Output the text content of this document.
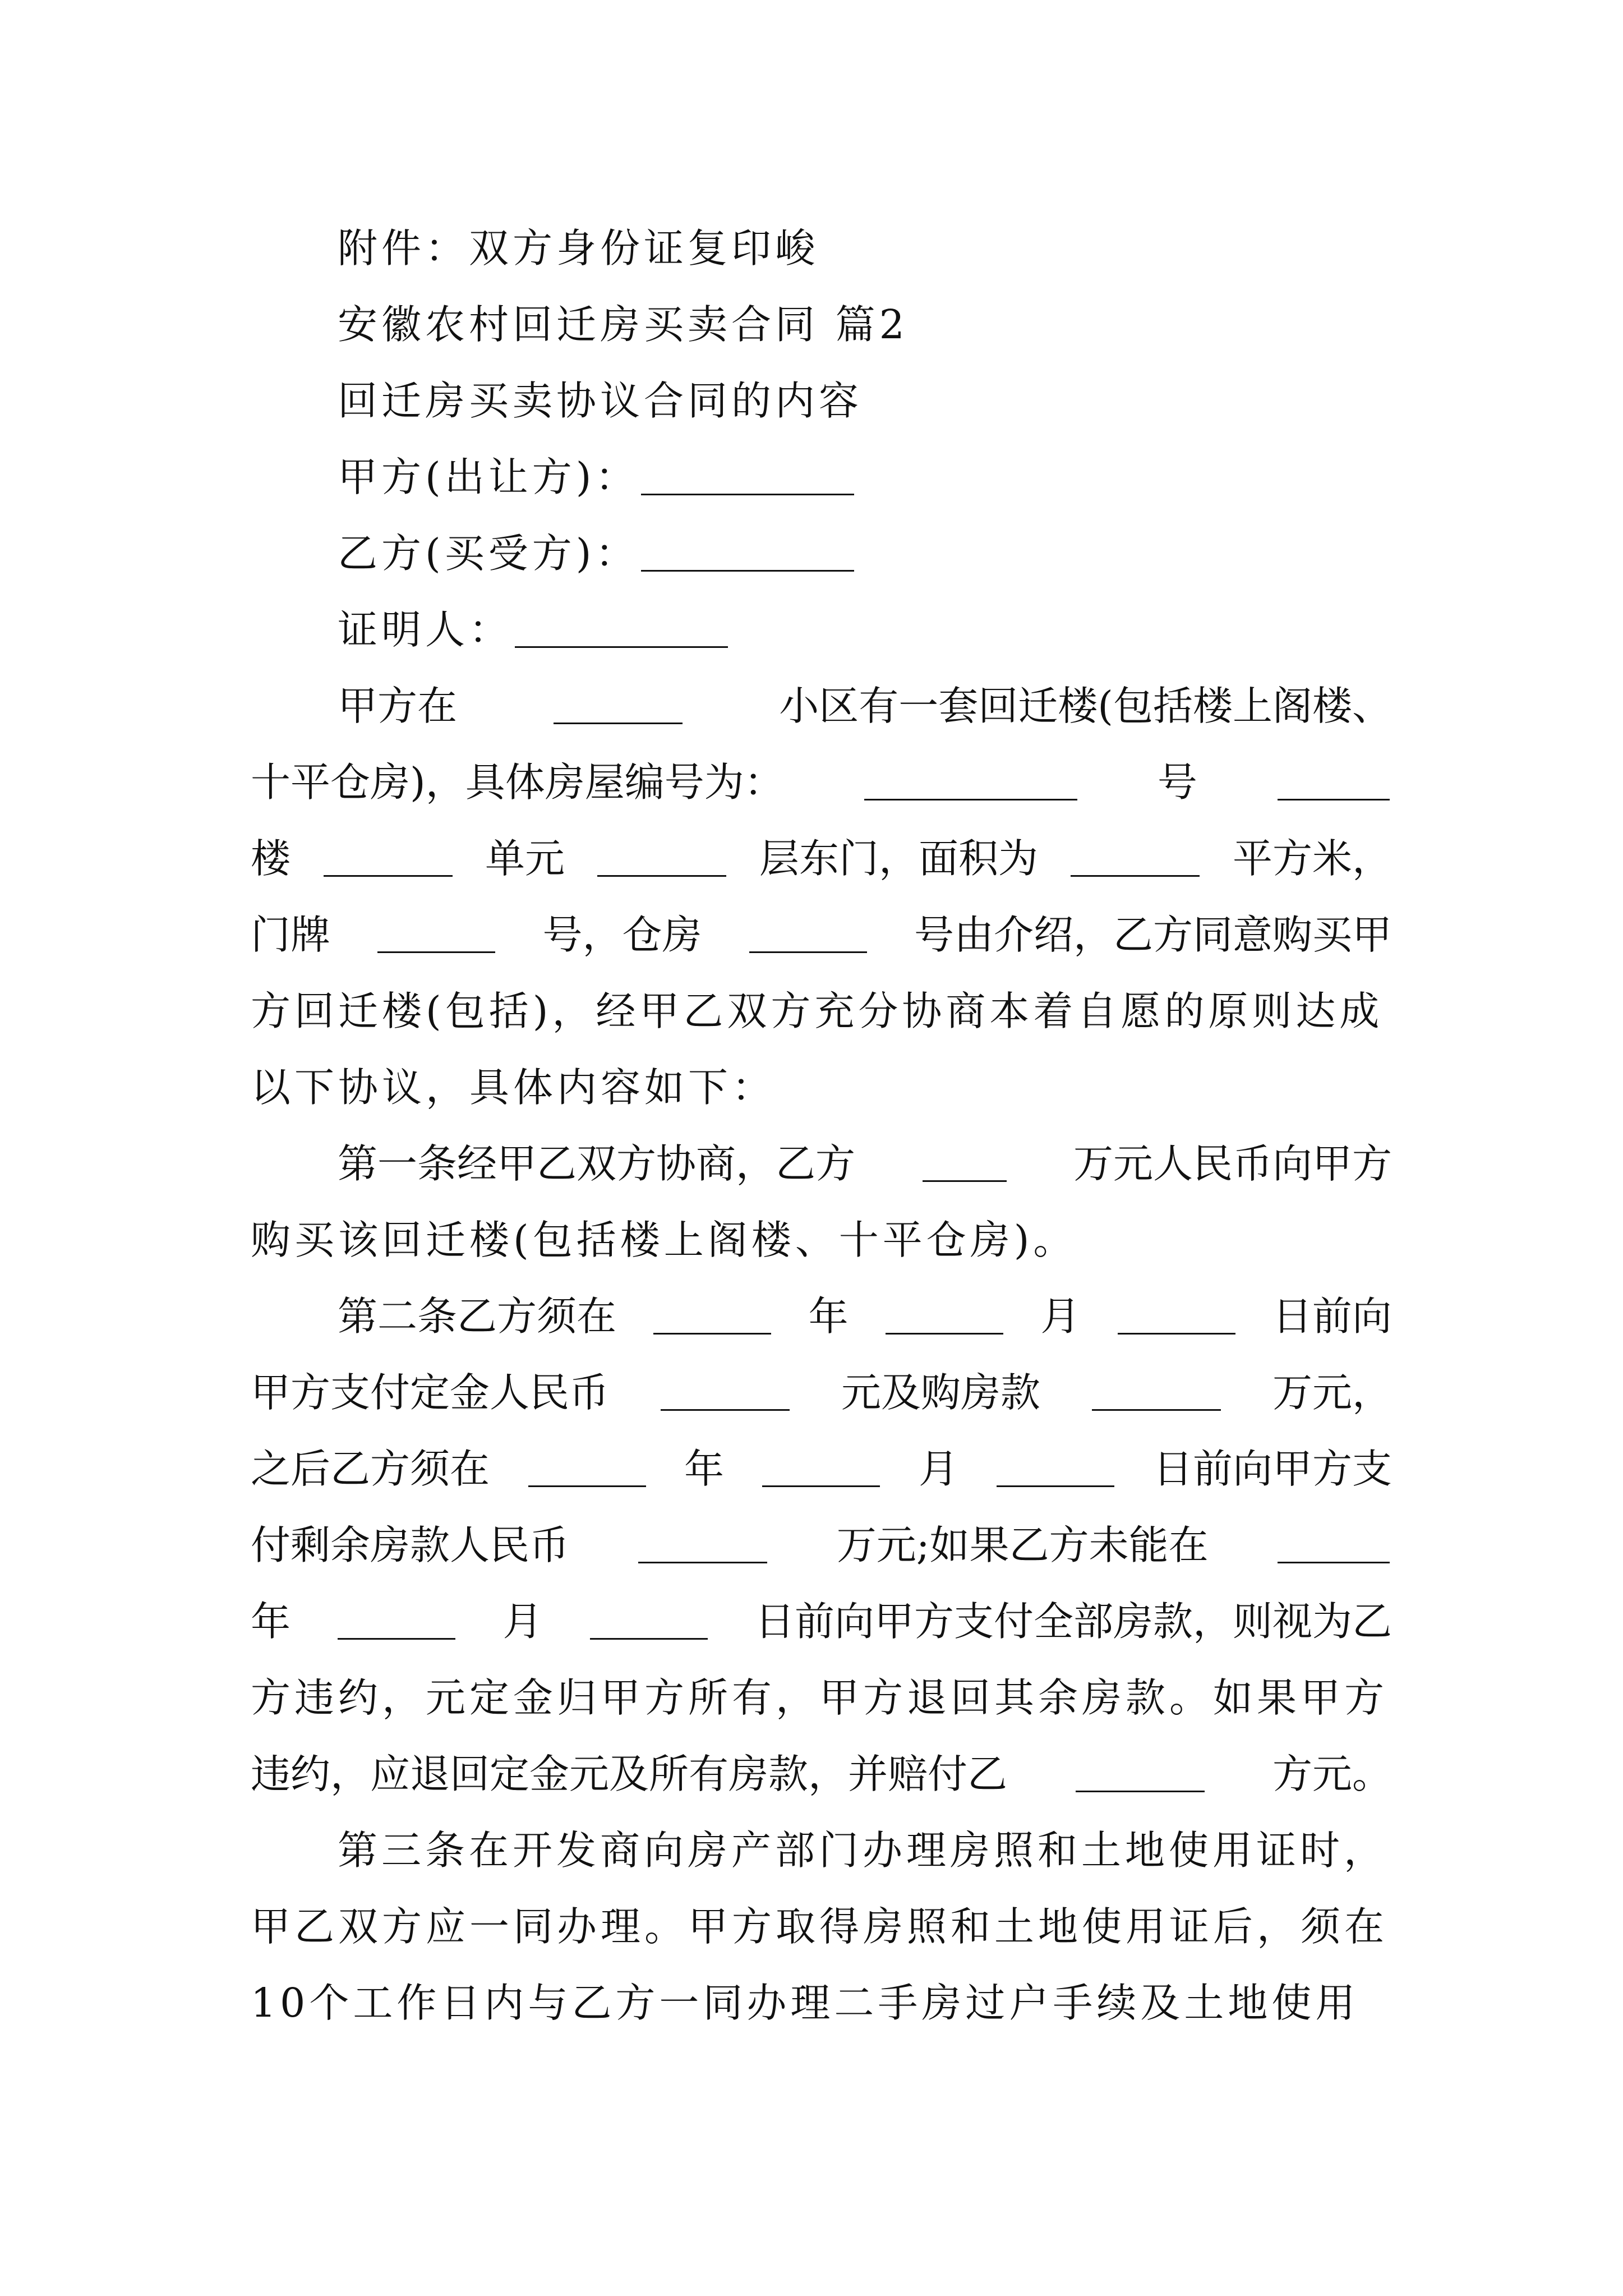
附件：双方身份证复印峻
安徽农村回迁房买卖合同 篇2
回迁房买卖协议合同的内容
甲方(出让方)：
乙方(买受方)：
证明人：
甲方在	小区有一套回迁楼(包括楼上阁楼、
十平仓房)，具体房屋编号为：	号
楼	单元	层东门，面积为	平方米，
门牌	号，仓房	号由介绍，乙方同意购买甲
方回迁楼(包括)，经甲乙双方充分协商本着自愿的原则达成
以下协议，具体内容如下：
第一条经甲乙双方协商，乙方	万元人民币向甲方
购买该回迁楼(包括楼上阁楼、十平仓房)。
第二条乙方须在	年	月	日前向
甲方支付定金人民币	元及购房款	万元，
之后乙方须在	年	月	日前向甲方支
付剩余房款人民币	万元;如果乙方未能在
年	月	日前向甲方支付全部房款，则视为乙
方违约，元定金归甲方所有，甲方退回其余房款。如果甲方
违约，应退回定金元及所有房款，并赔付乙	方元。
第三条在开发商向房产部门办理房照和土地使用证时，
甲乙双方应一同办理。甲方取得房照和土地使用证后，须在
10个工作日内与乙方一同办理二手房过户手续及土地使用
